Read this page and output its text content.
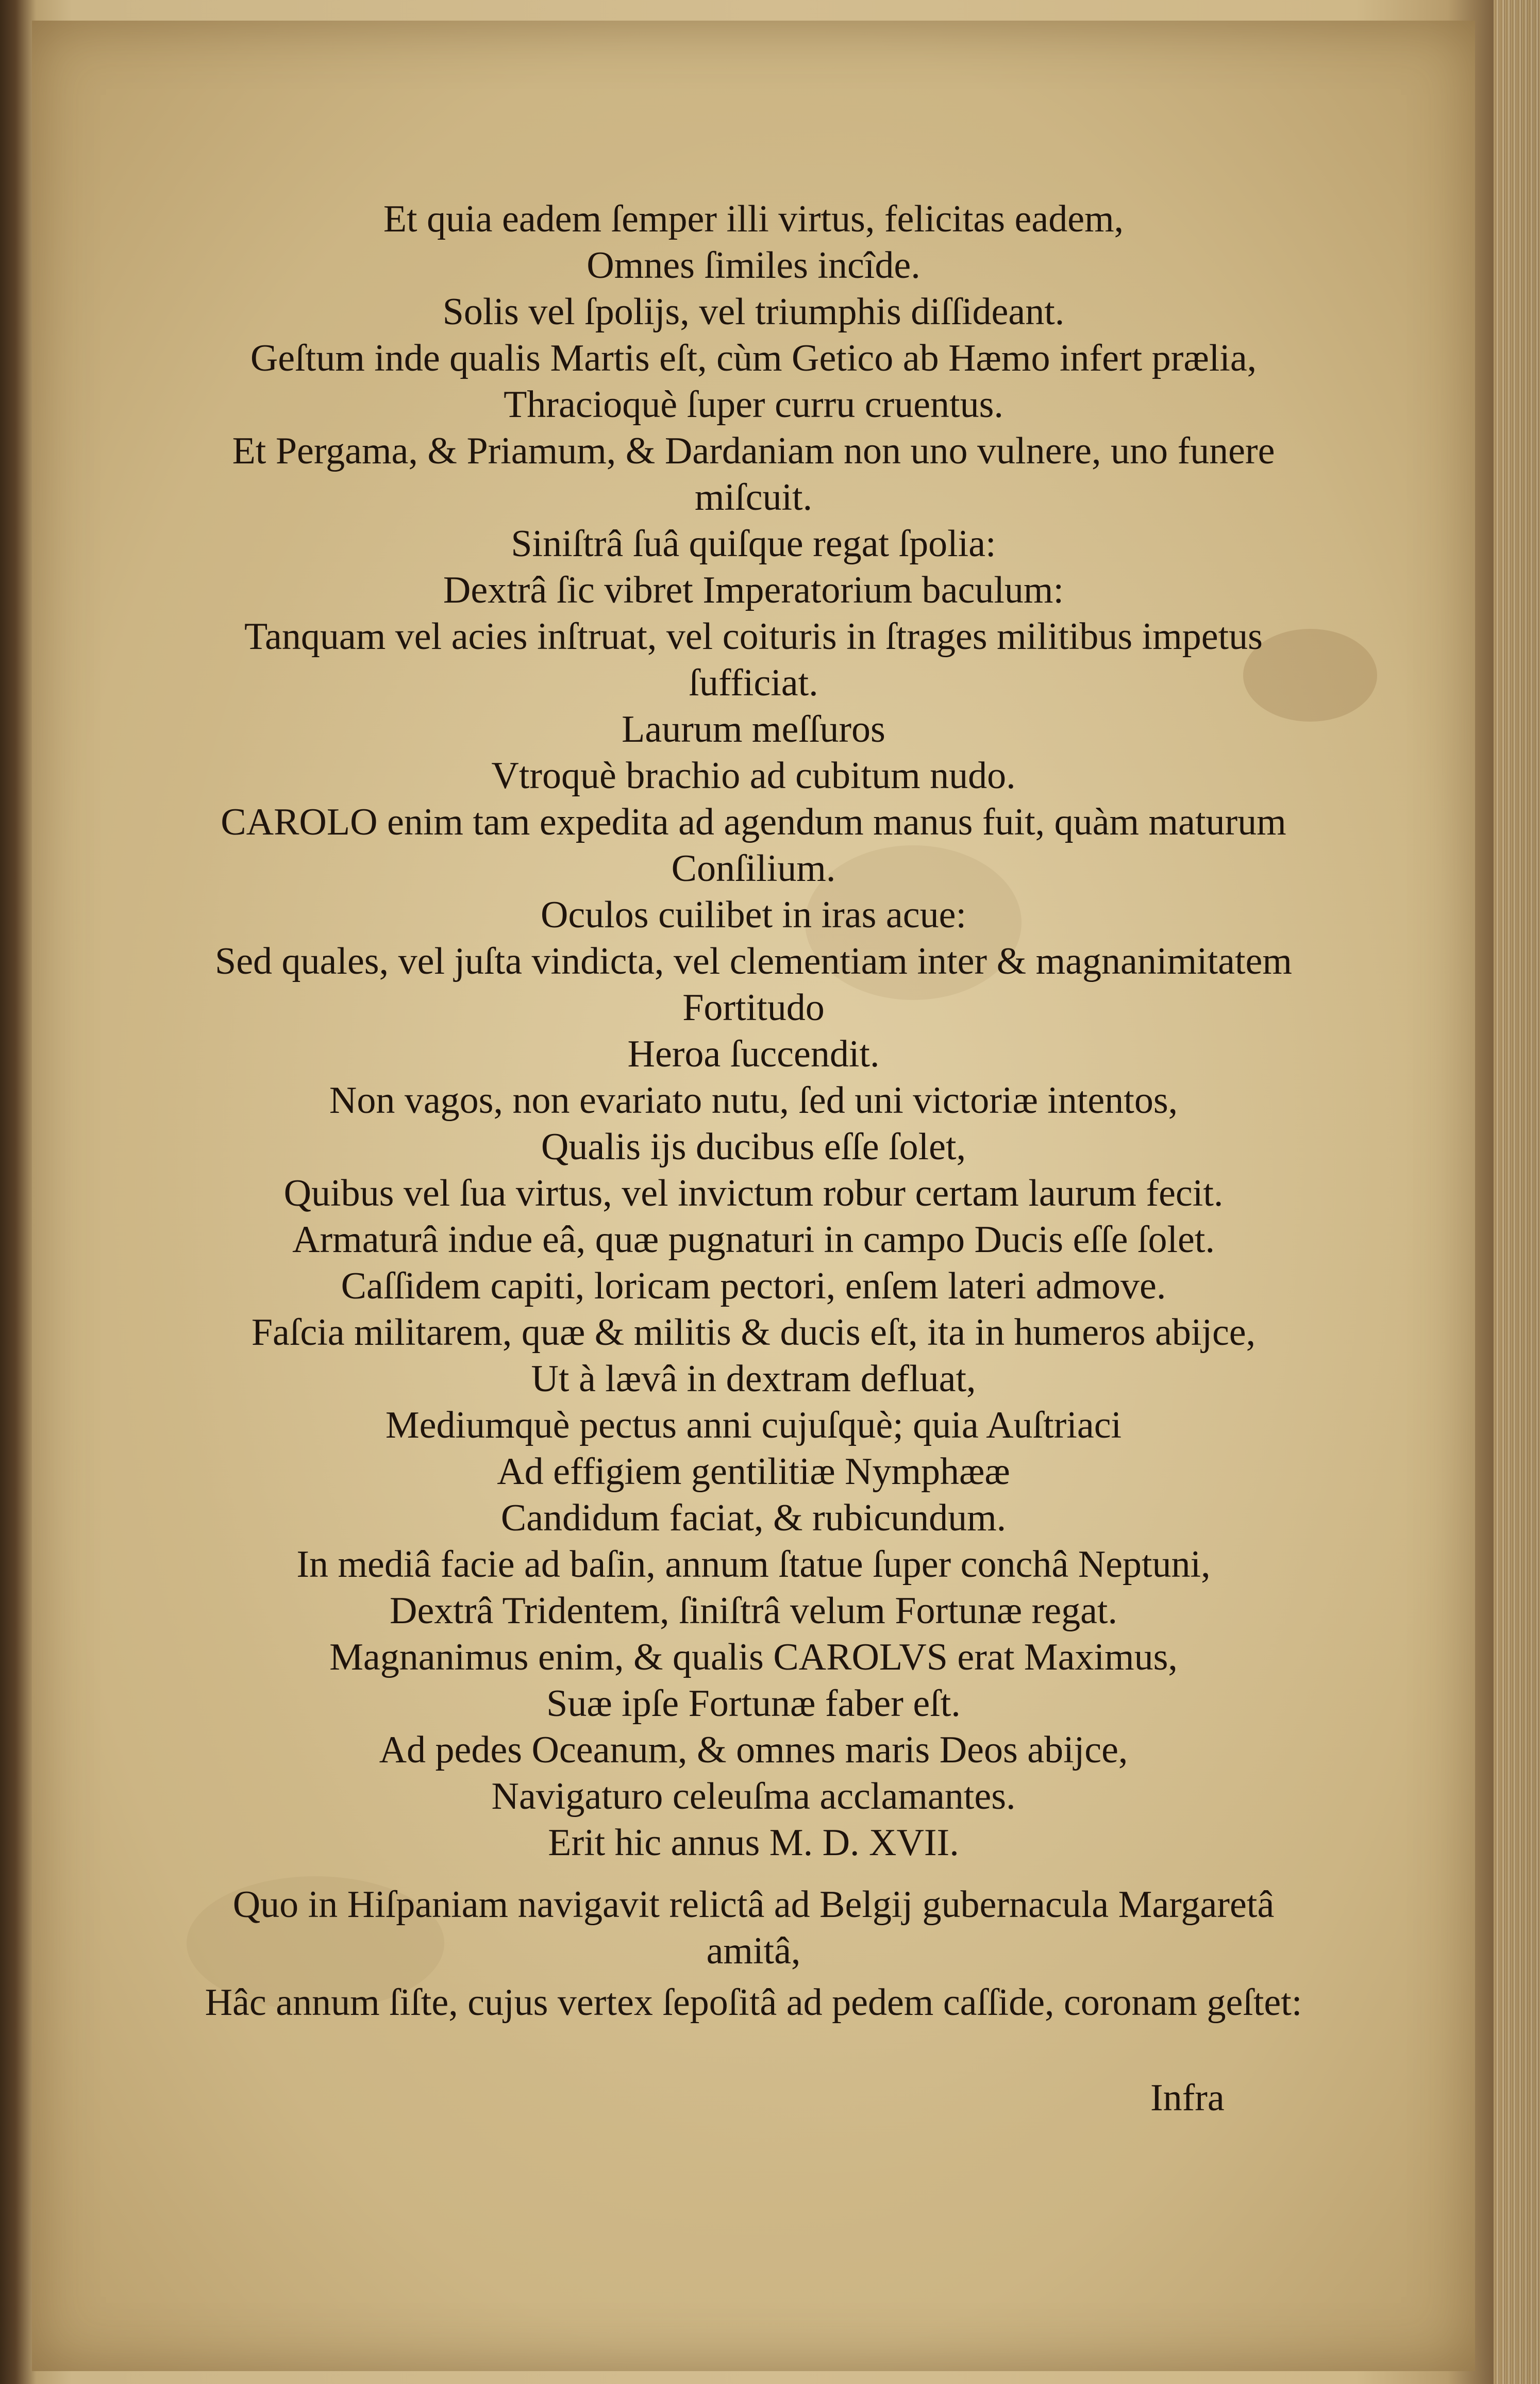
Et quia eadem ſemper illi virtus, felicitas eadem,
Omnes ſimiles incîde.
Solis vel ſpolijs, vel triumphis diſſideant.
Geſtum inde qualis Martis eſt, cùm Getico ab Hæmo infert prælia,
Thracioquè ſuper curru cruentus.
Et Pergama, & Priamum, & Dardaniam non uno vulnere, uno funere
miſcuit.
Siniſtrâ ſuâ quiſque regat ſpolia:
Dextrâ ſic vibret Imperatorium baculum:
Tanquam vel acies inſtruat, vel coituris in ſtrages militibus impetus
ſufficiat.
Laurum meſſuros
Vtroquè brachio ad cubitum nudo.
CAROLO enim tam expedita ad agendum manus fuit, quàm maturum
Conſilium.
Oculos cuilibet in iras acue:
Sed quales, vel juſta vindicta, vel clementiam inter & magnanimitatem
Fortitudo
Heroa ſuccendit.
Non vagos, non evariato nutu, ſed uni victoriæ intentos,
Qualis ijs ducibus eſſe ſolet,
Quibus vel ſua virtus, vel invictum robur certam laurum fecit.
Armaturâ indue eâ, quæ pugnaturi in campo Ducis eſſe ſolet.
Caſſidem capiti, loricam pectori, enſem lateri admove.
Faſcia militarem, quæ & militis & ducis eſt, ita in humeros abijce,
Ut à lævâ in dextram defluat,
Mediumquè pectus anni cujuſquè; quia Auſtriaci
Ad effigiem gentilitiæ Nymphææ
Candidum faciat, & rubicundum.
In mediâ facie ad baſin, annum ſtatue ſuper conchâ Neptuni,
Dextrâ Tridentem, ſiniſtrâ velum Fortunæ regat.
Magnanimus enim, & qualis CAROLVS erat Maximus,
Suæ ipſe Fortunæ faber eſt.
Ad pedes Oceanum, & omnes maris Deos abijce,
Navigaturo celeuſma acclamantes.
Erit hic annus M. D. XVII.
Quo in Hiſpaniam navigavit relictâ ad Belgij gubernacula Margaretâ
amitâ,
Hâc annum ſiſte, cujus vertex ſepoſitâ ad pedem caſſide, coronam geſtet:
Infra
